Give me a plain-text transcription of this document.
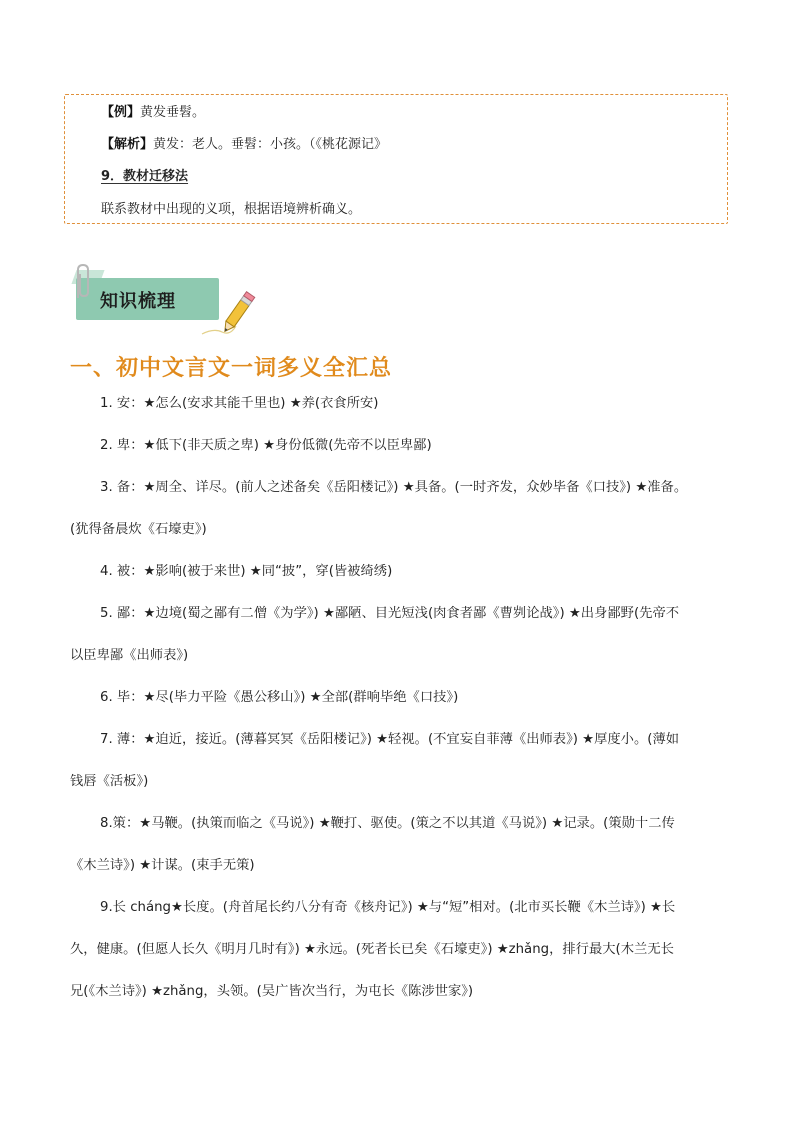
【例】黄发垂髫。
【解析】黄发：老人。垂髫：小孩。（《桃花源记》
9．教材迁移法
联系教材中出现的义项，根据语境辨析确义。
知识梳理
一、初中文言文一词多义全汇总
1. 安：★怎么(安求其能千里也) ★养(衣食所安)
2. 卑：★低下(非天质之卑) ★身份低微(先帝不以臣卑鄙)
3. 备：★周全、详尽。(前人之述备矣《岳阳楼记》) ★具备。(一时齐发，众妙毕备《口技》) ★准备。
(犹得备晨炊《石壕吏》)
4. 被：★影响(被于来世) ★同“披”，穿(皆被绮绣)
5. 鄙：★边境(蜀之鄙有二僧《为学》) ★鄙陋、目光短浅(肉食者鄙《曹刿论战》) ★出身鄙野(先帝不
以臣卑鄙《出师表》)
6. 毕：★尽(毕力平险《愚公移山》) ★全部(群响毕绝《口技》)
7. 薄：★迫近，接近。(薄暮冥冥《岳阳楼记》) ★轻视。(不宜妄自菲薄《出师表》) ★厚度小。(薄如
钱唇《活板》)
8.策：★马鞭。(执策而临之《马说》) ★鞭打、驱使。(策之不以其道《马说》) ★记录。(策勋十二传
《木兰诗》) ★计谋。(束手无策)
9.长 cháng★长度。(舟首尾长约八分有奇《核舟记》) ★与“短”相对。(北市买长鞭《木兰诗》) ★长
久，健康。(但愿人长久《明月几时有》) ★永远。(死者长已矣《石壕吏》) ★zhǎng，排行最大(木兰无长
兄(《木兰诗》) ★zhǎng，头领。(吴广皆次当行，为屯长《陈涉世家》)
